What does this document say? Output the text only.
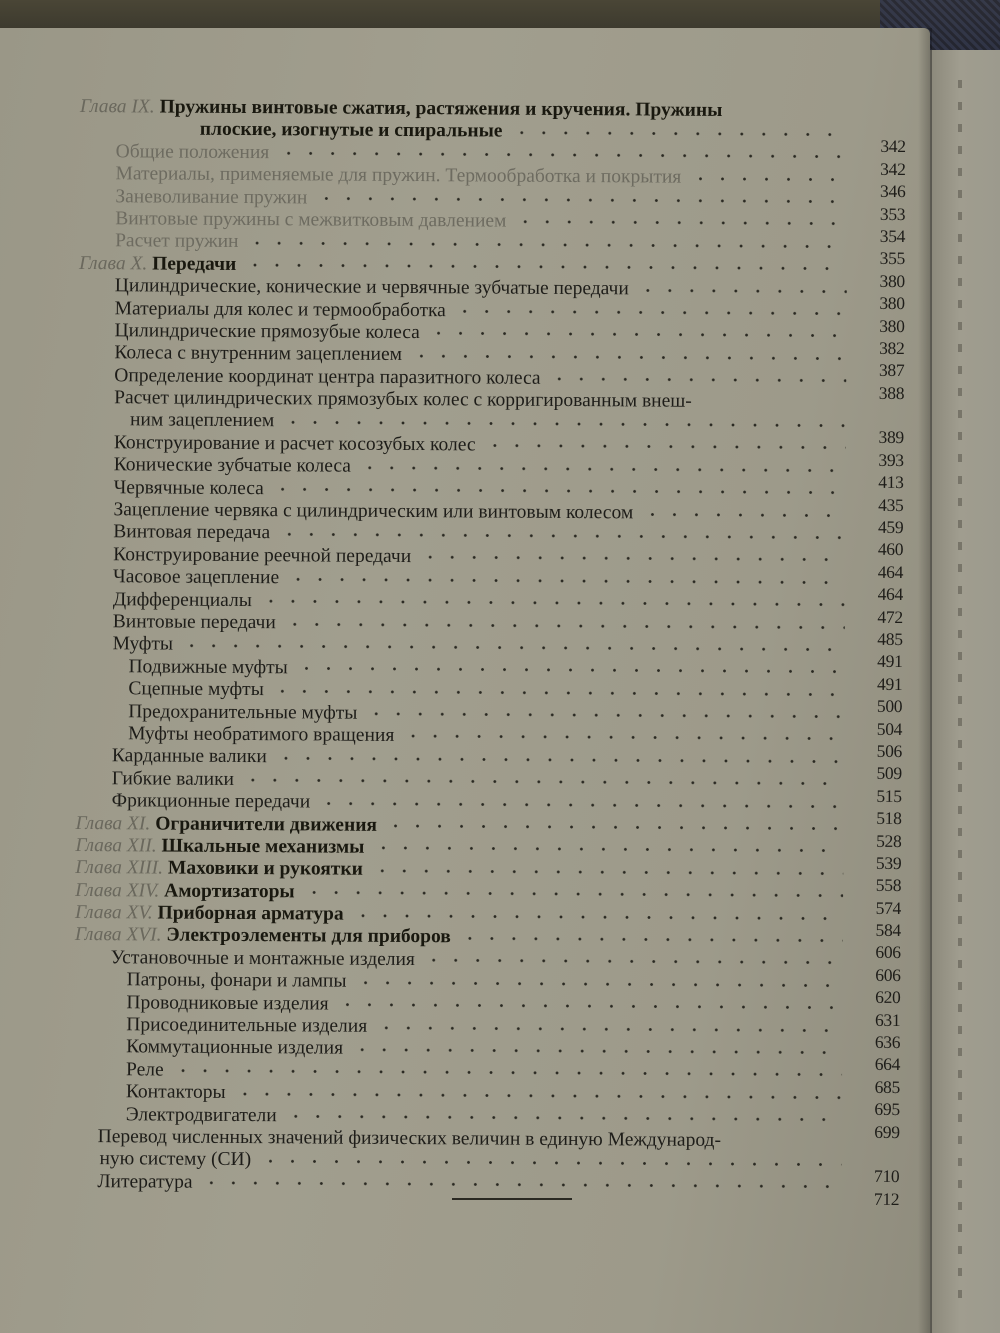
Глава IX. Пружины винтовые сжатия, растяжения и кручения. Пружины
плоские, изогнутые и спиральные
342
Общие положения
342
Материалы, применяемые для пружин. Термообработка и покрытия
346
Заневоливание пружин
353
Винтовые пружины с межвитковым давлением
354
Расчет пружин
355
Глава X. Передачи
380
Цилиндрические, конические и червячные зубчатые передачи
380
Материалы для колес и термообработка
380
Цилиндрические прямозубые колеса
382
Колеса с внутренним зацеплением
387
Определение координат центра паразитного колеса
388
Расчет цилиндрических прямозубых колес с корригированным внеш-
ним зацеплением
389
Конструирование и расчет косозубых колес
393
Конические зубчатые колеса
413
Червячные колеса
435
Зацепление червяка с цилиндрическим или винтовым колесом
459
Винтовая передача
460
Конструирование реечной передачи
464
Часовое зацепление
464
Дифференциалы
472
Винтовые передачи
485
Муфты
491
Подвижные муфты
491
Сцепные муфты
500
Предохранительные муфты
504
Муфты необратимого вращения
506
Карданные валики
509
Гибкие валики
515
Фрикционные передачи
518
Глава XI. Ограничители движения
528
Глава XII. Шкальные механизмы
539
Глава XIII. Маховики и рукоятки
558
Глава XIV. Амортизаторы
574
Глава XV. Приборная арматура
584
Глава XVI. Электроэлементы для приборов
606
Установочные и монтажные изделия
606
Патроны, фонари и лампы
620
Проводниковые изделия
631
Присоединительные изделия
636
Коммутационные изделия
664
Реле
685
Контакторы
695
Электродвигатели
699
Перевод численных значений физических величин в единую Международ-
ную систему (СИ)
710
Литература
712
